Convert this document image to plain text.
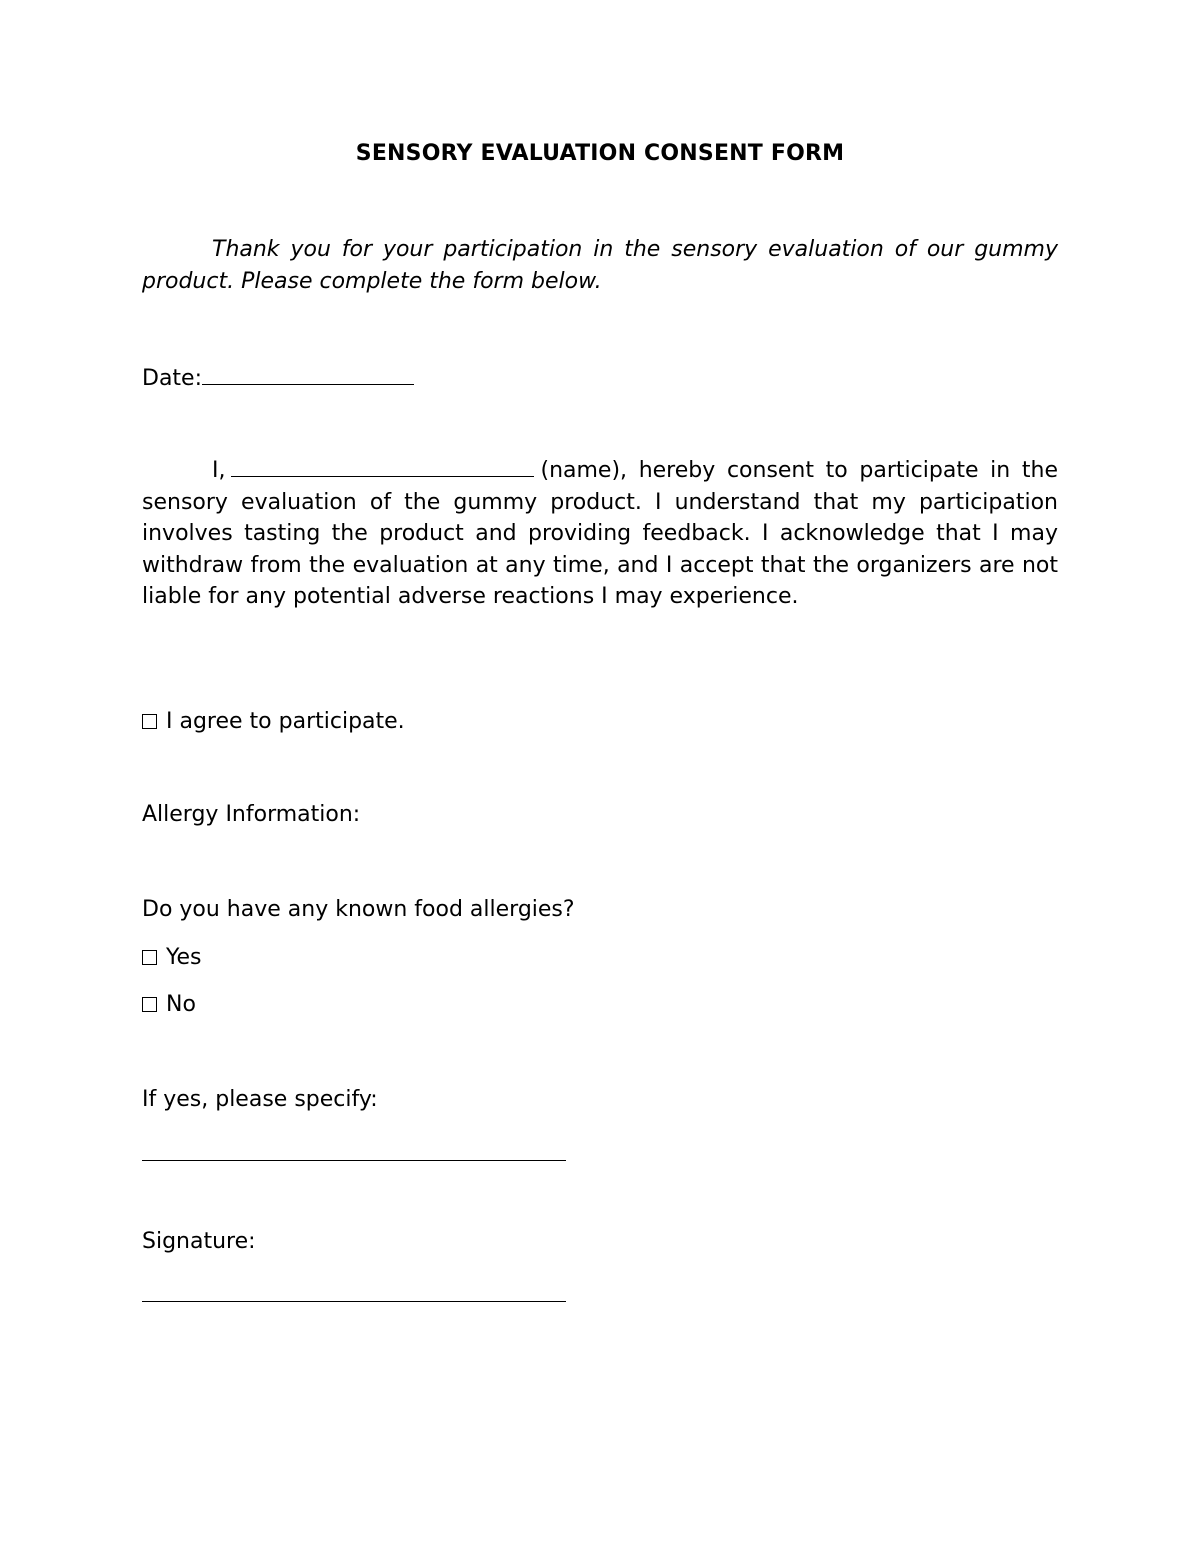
SENSORY EVALUATION CONSENT FORM
Thank you for your participation in the sensory evaluation of our gummy product. Please complete the form below.
Date:
I,	(name), hereby consent to participate in the sensory evaluation of the gummy product. I understand that my participation involves tasting the product and providing feedback. I acknowledge that I may withdraw from the evaluation at any time, and I accept that the organizers are not liable for any potential adverse reactions I may experience.
I agree to participate.
Allergy Information:
Do you have any known food allergies?
Yes
No
If yes, please specify:
Signature:
